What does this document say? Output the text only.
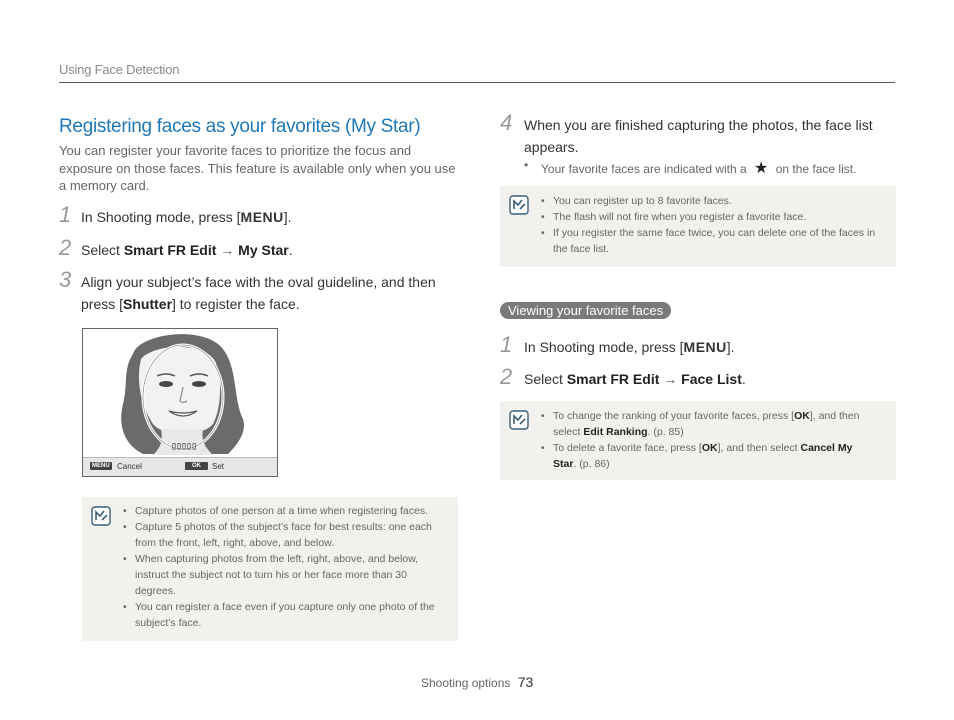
Using Face Detection
Registering faces as your favorites (My Star)
You can register your favorite faces to prioritize the focus and exposure on those faces. This feature is available only when you use a memory card.
1 In Shooting mode, press [MENU].
2 Select Smart FR Edit → My Star.
3 Align your subject’s face with the oval guideline, and then
press [Shutter] to register the face.
▯▯▯▯▯
MENU Cancel	OK	Set
• Capture photos of one person at a time when registering faces.
• Capture 5 photos of the subject’s face for best results: one each from the front, left, right, above, and below.
• When capturing photos from the left, right, above, and below, instruct the subject not to turn his or her face more than 30 degrees.
• You can register a face even if you capture only one photo of the subject’s face.
4 When you are finished capturing the photos, the face list
appears.
• Your favorite faces are indicated with a ★ on the face list.
• You can register up to 8 favorite faces.
• The flash will not fire when you register a favorite face.
• If you register the same face twice, you can delete one of the faces in the face list.
Viewing your favorite faces
1 In Shooting mode, press [MENU].
2 Select Smart FR Edit → Face List.
• To change the ranking of your favorite faces, press [OK], and then select Edit Ranking. (p. 85)
• To delete a favorite face, press [OK], and then select Cancel My Star. (p. 86)
Shooting options 73
